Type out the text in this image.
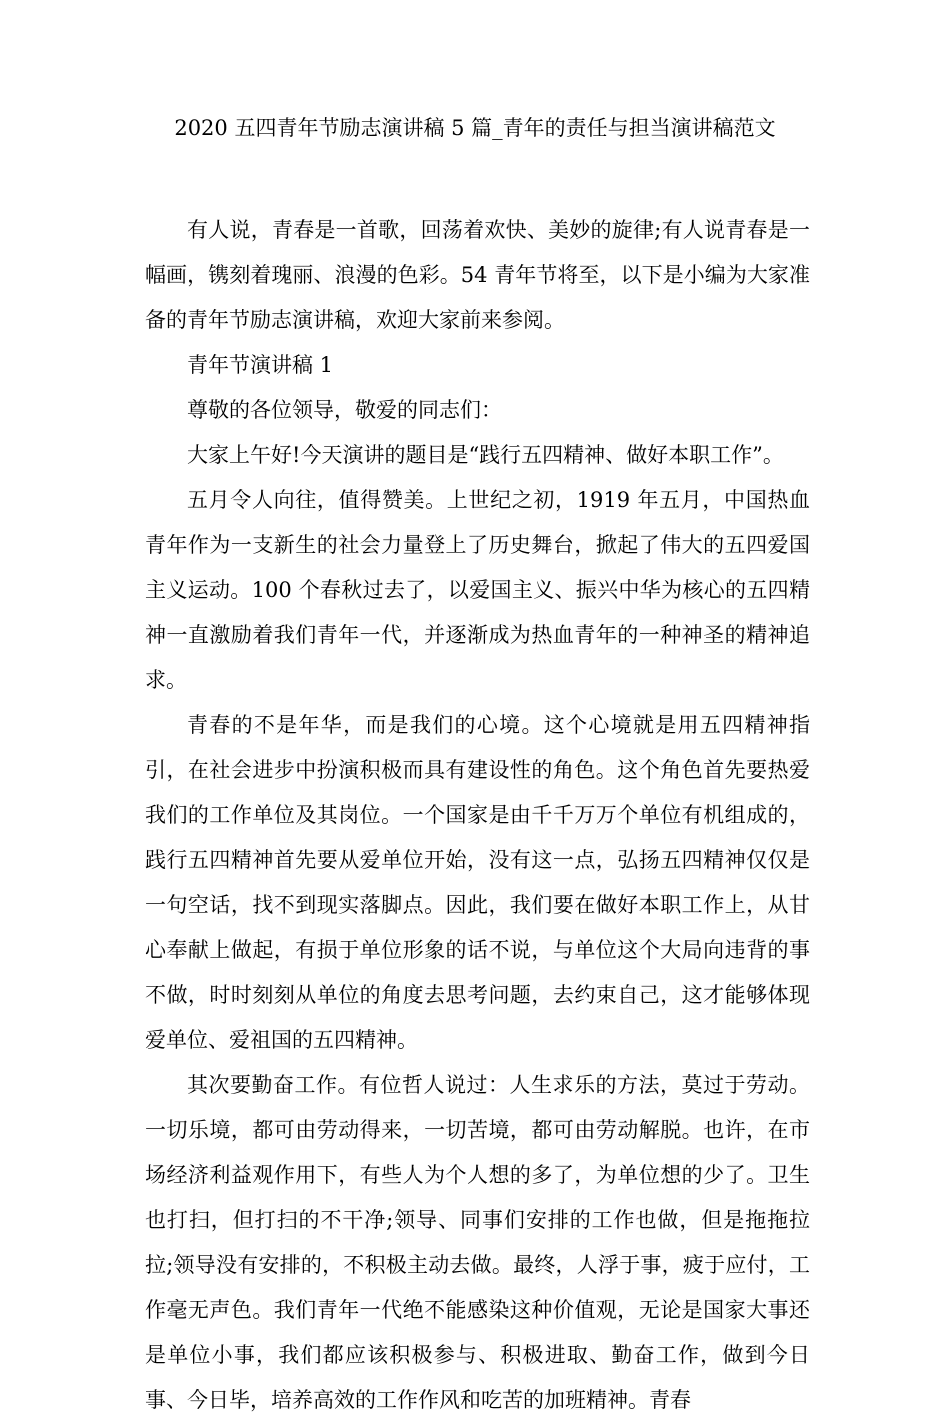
2020 五四青年节励志演讲稿 5 篇_青年的责任与担当演讲稿范文

有人说，青春是一首歌，回荡着欢快、美妙的旋律;有人说青春是一幅画，镌刻着瑰丽、浪漫的色彩。54 青年节将至，以下是小编为大家准备的青年节励志演讲稿，欢迎大家前来参阅。

青年节演讲稿 1

尊敬的各位领导，敬爱的同志们：

大家上午好!今天演讲的题目是“践行五四精神、做好本职工作”。

五月令人向往，值得赞美。上世纪之初，1919 年五月，中国热血青年作为一支新生的社会力量登上了历史舞台，掀起了伟大的五四爱国主义运动。100 个春秋过去了，以爱国主义、振兴中华为核心的五四精神一直激励着我们青年一代，并逐渐成为热血青年的一种神圣的精神追求。

青春的不是年华，而是我们的心境。这个心境就是用五四精神指引，在社会进步中扮演积极而具有建设性的角色。这个角色首先要热爱我们的工作单位及其岗位。一个国家是由千千万万个单位有机组成的，践行五四精神首先要从爱单位开始，没有这一点，弘扬五四精神仅仅是一句空话，找不到现实落脚点。因此，我们要在做好本职工作上，从甘心奉献上做起，有损于单位形象的话不说，与单位这个大局向违背的事不做，时时刻刻从单位的角度去思考问题，去约束自己，这才能够体现爱单位、爱祖国的五四精神。

其次要勤奋工作。有位哲人说过：人生求乐的方法，莫过于劳动。一切乐境，都可由劳动得来，一切苦境，都可由劳动解脱。也许，在市场经济利益观作用下，有些人为个人想的多了，为单位想的少了。卫生也打扫，但打扫的不干净;领导、同事们安排的工作也做，但是拖拖拉拉;领导没有安排的，不积极主动去做。最终，人浮于事，疲于应付，工作毫无声色。我们青年一代绝不能感染这种价值观，无论是国家大事还是单位小事，我们都应该积极参与、积极进取、勤奋工作，做到今日事、今日毕，培养高效的工作作风和吃苦的加班精神。青春
